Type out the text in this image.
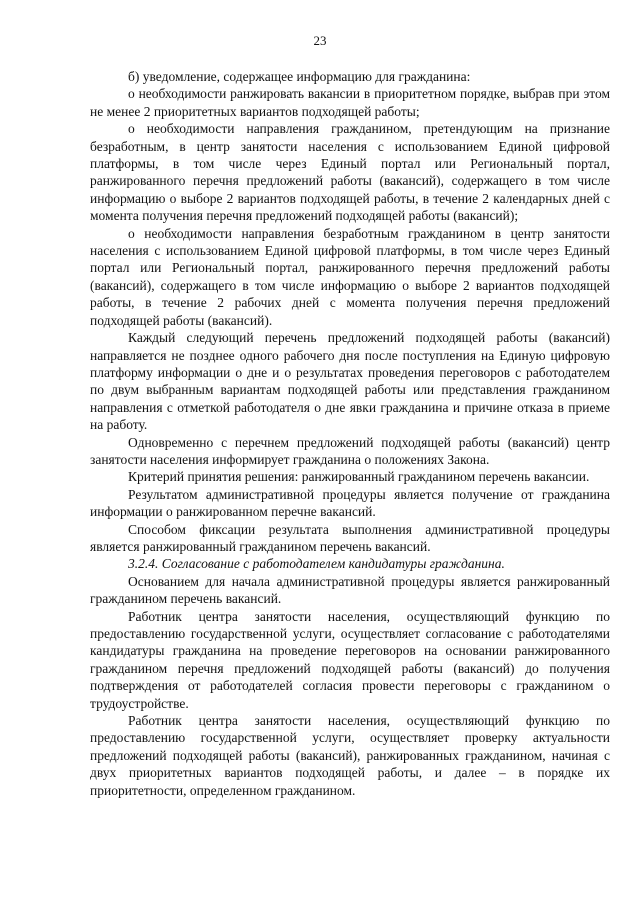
23

б) уведомление, содержащее информацию для гражданина:

о необходимости ранжировать вакансии в приоритетном порядке, выбрав при этом не менее 2 приоритетных вариантов подходящей работы;

о необходимости направления гражданином, претендующим на признание безработным, в центр занятости населения с использованием Единой цифровой платформы, в том числе через Единый портал или Региональный портал, ранжированного перечня предложений работы (вакансий), содержащего в том числе информацию о выборе 2 вариантов подходящей работы, в течение 2 календарных дней с момента получения перечня предложений подходящей работы (вакансий);

о необходимости направления безработным гражданином в центр занятости населения с использованием Единой цифровой платформы, в том числе через Единый портал или Региональный портал, ранжированного перечня предложений работы (вакансий), содержащего в том числе информацию о выборе 2 вариантов подходящей работы, в течение 2 рабочих дней с момента получения перечня предложений подходящей работы (вакансий).

Каждый следующий перечень предложений подходящей работы (вакансий) направляется не позднее одного рабочего дня после поступления на Единую цифровую платформу информации о дне и о результатах проведения переговоров с работодателем по двум выбранным вариантам подходящей работы или представления гражданином направления с отметкой работодателя о дне явки гражданина и причине отказа в приеме на работу.

Одновременно с перечнем предложений подходящей работы (вакансий) центр занятости населения информирует гражданина о положениях Закона.

Критерий принятия решения: ранжированный гражданином перечень вакансии.

Результатом административной процедуры является получение от гражданина информации о ранжированном перечне вакансий.

Способом фиксации результата выполнения административной процедуры является ранжированный гражданином перечень вакансий.

3.2.4. Согласование с работодателем кандидатуры гражданина.

Основанием для начала административной процедуры является ранжированный гражданином перечень вакансий.

Работник центра занятости населения, осуществляющий функцию по предоставлению государственной услуги, осуществляет согласование с работодателями кандидатуры гражданина на проведение переговоров на основании ранжированного гражданином перечня предложений подходящей работы (вакансий) до получения подтверждения от работодателей согласия провести переговоры с гражданином о трудоустройстве.

Работник центра занятости населения, осуществляющий функцию по предоставлению государственной услуги, осуществляет проверку актуальности предложений подходящей работы (вакансий), ранжированных гражданином, начиная с двух приоритетных вариантов подходящей работы, и далее – в порядке их приоритетности, определенном гражданином.
